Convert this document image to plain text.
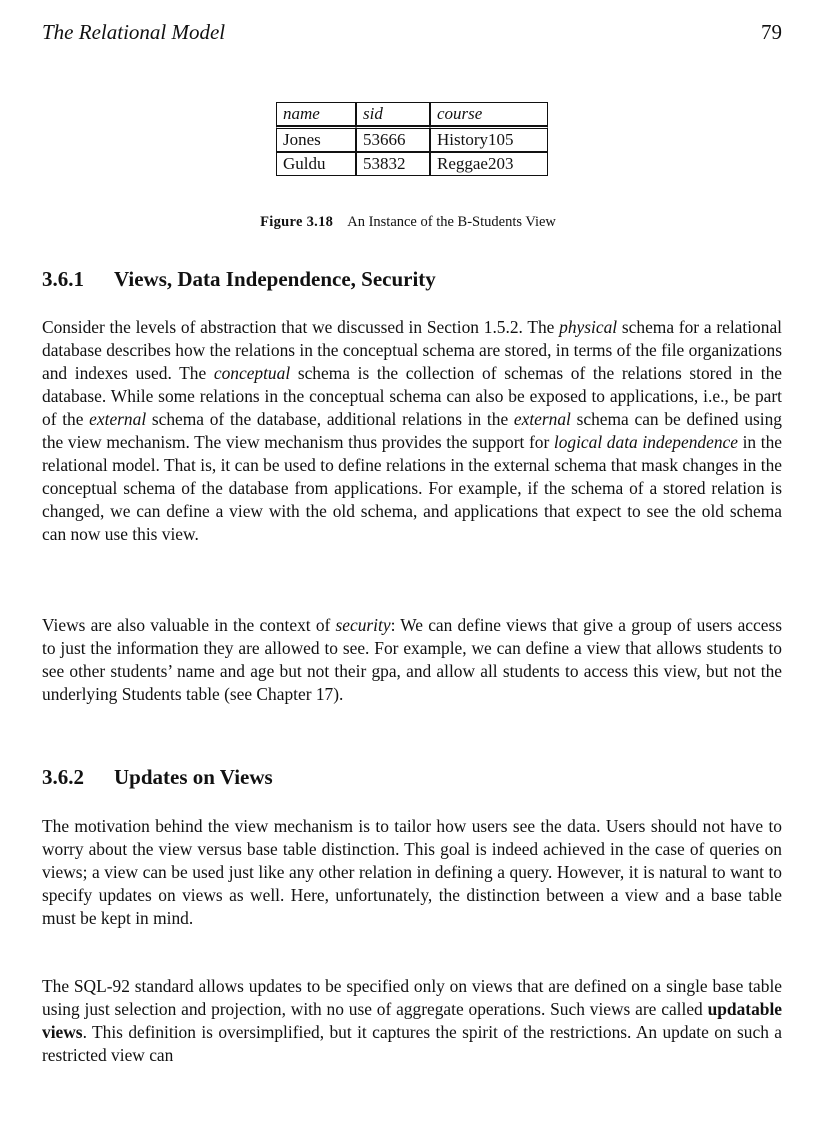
The Relational Model	79
name	sid	course
Jones	53666	History105
Guldu	53832	Reggae203
Figure 3.18 An Instance of the B-Students View
3.6.1 Views, Data Independence, Security

Consider the levels of abstraction that we discussed in Section 1.5.2. The physical schema for a relational database describes how the relations in the conceptual schema are stored, in terms of the file organizations and indexes used. The conceptual schema is the collection of schemas of the relations stored in the database. While some relations in the conceptual schema can also be exposed to applications, i.e., be part of the external schema of the database, additional relations in the external schema can be defined using the view mechanism. The view mechanism thus provides the support for logical data independence in the relational model. That is, it can be used to define relations in the external schema that mask changes in the conceptual schema of the database from applications. For example, if the schema of a stored relation is changed, we can define a view with the old schema, and applications that expect to see the old schema can now use this view.

Views are also valuable in the context of security: We can define views that give a group of users access to just the information they are allowed to see. For example, we can define a view that allows students to see other students’ name and age but not their gpa, and allow all students to access this view, but not the underlying Students table (see Chapter 17).

3.6.2 Updates on Views

The motivation behind the view mechanism is to tailor how users see the data. Users should not have to worry about the view versus base table distinction. This goal is indeed achieved in the case of queries on views; a view can be used just like any other relation in defining a query. However, it is natural to want to specify updates on views as well. Here, unfortunately, the distinction between a view and a base table must be kept in mind.

The SQL-92 standard allows updates to be specified only on views that are defined on a single base table using just selection and projection, with no use of aggregate operations. Such views are called updatable views. This definition is oversimplified, but it captures the spirit of the restrictions. An update on such a restricted view can
